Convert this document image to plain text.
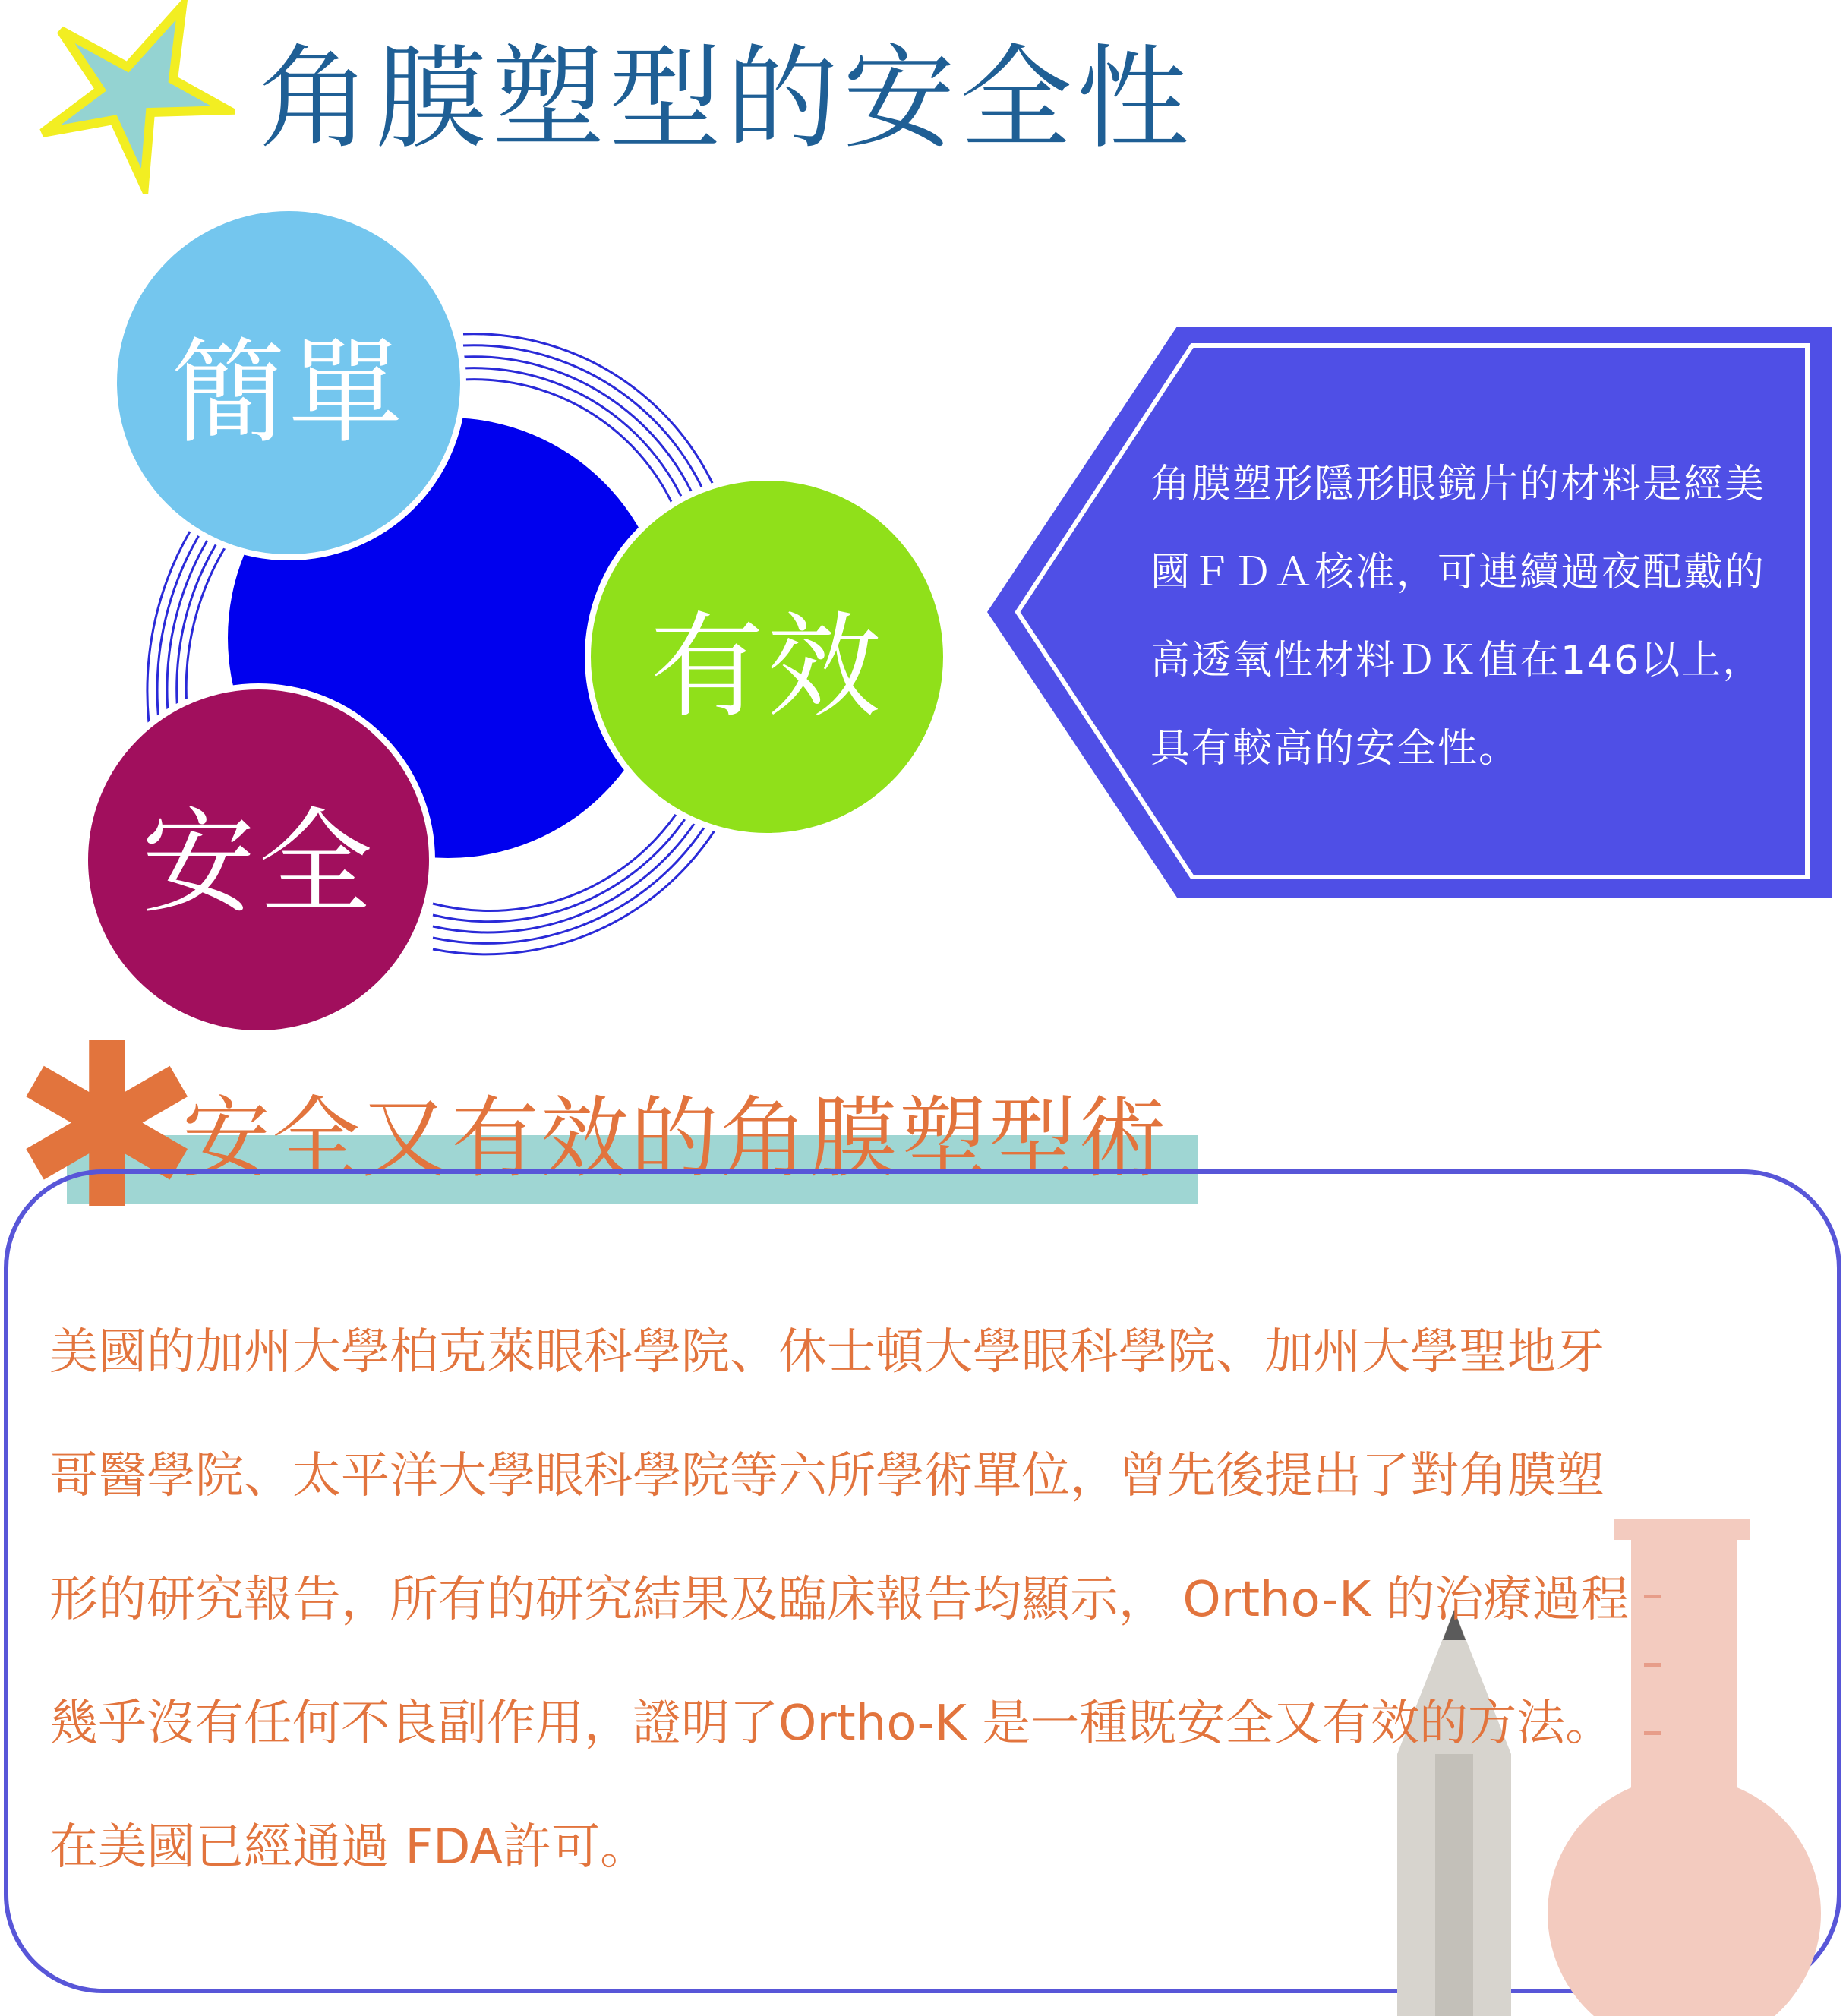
角膜塑型的安全性
簡單
有效
安全
角膜塑形隱形眼鏡片的材料是經美國ＦＤＡ核准，可連續過夜配戴的高透氧性材料ＤＫ值在146以上，具有較高的安全性。
✱
安全又有效的角膜塑型術
美國的加州大學柏克萊眼科學院、休士頓大學眼科學院、加州大學聖地牙
哥醫學院、太平洋大學眼科學院等六所學術單位，曾先後提出了對角膜塑
形的研究報告，所有的研究結果及臨床報告均顯示， Ortho-K 的治療過程
幾乎沒有任何不良副作用，證明了Ortho-K 是一種既安全又有效的方法。
在美國已經通過 FDA許可。
